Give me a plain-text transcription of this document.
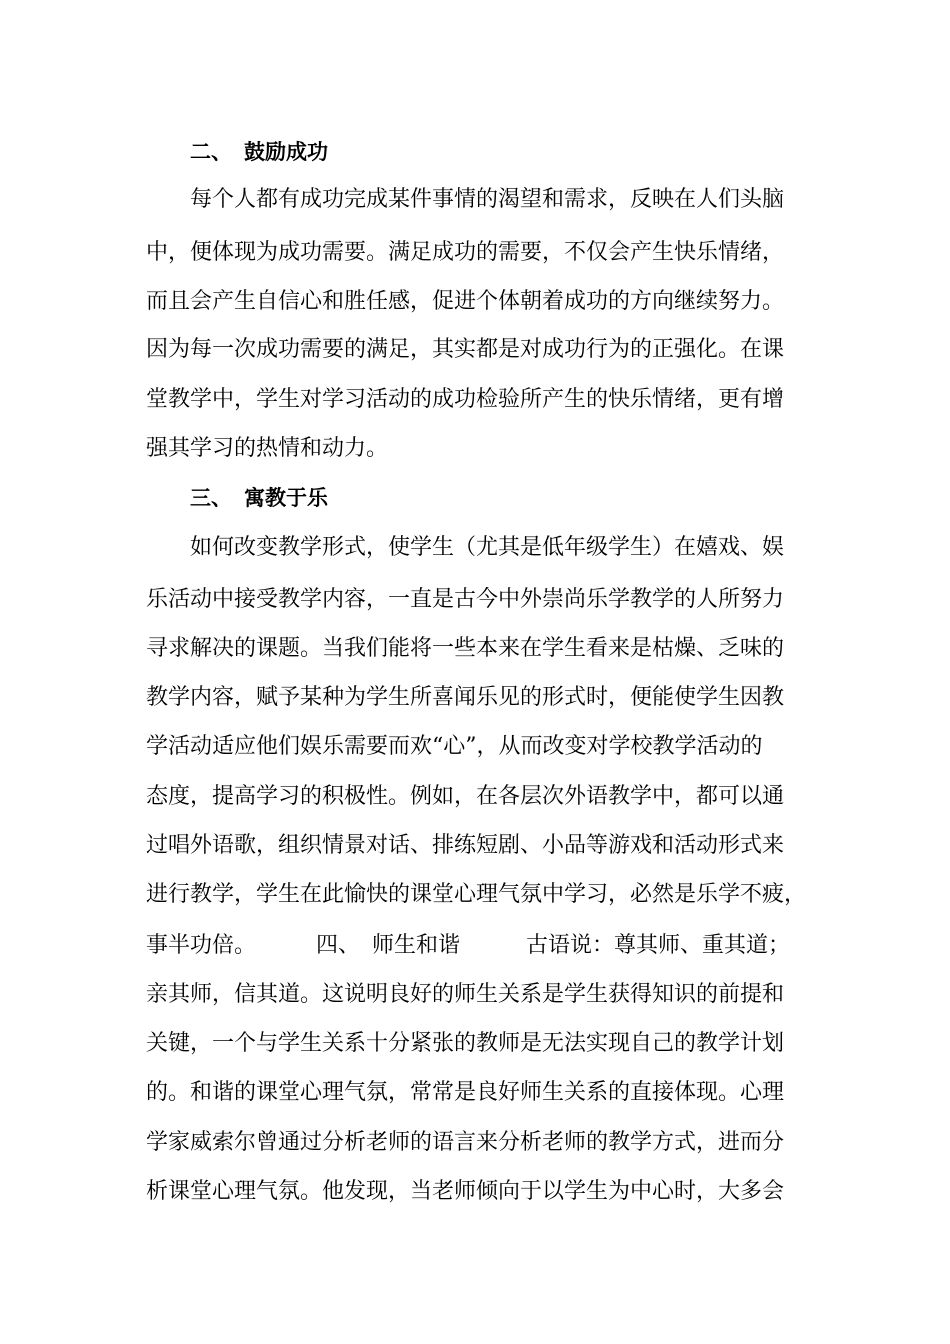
二、 鼓励成功
每个人都有成功完成某件事情的渴望和需求，反映在人们头脑
中，便体现为成功需要。满足成功的需要，不仅会产生快乐情绪，
而且会产生自信心和胜任感，促进个体朝着成功的方向继续努力。
因为每一次成功需要的满足，其实都是对成功行为的正强化。在课
堂教学中，学生对学习活动的成功检验所产生的快乐情绪，更有增
强其学习的热情和动力。
三、 寓教于乐
如何改变教学形式，使学生（尤其是低年级学生）在嬉戏、娱
乐活动中接受教学内容，一直是古今中外崇尚乐学教学的人所努力
寻求解决的课题。当我们能将一些本来在学生看来是枯燥、乏味的
教学内容，赋予某种为学生所喜闻乐见的形式时，便能使学生因教
学活动适应他们娱乐需要而欢“心”，从而改变对学校教学活动的
态度，提高学习的积极性。例如，在各层次外语教学中，都可以通
过唱外语歌，组织情景对话、排练短剧、小品等游戏和活动形式来
进行教学，学生在此愉快的课堂心理气氛中学习，必然是乐学不疲，
事半功倍。	四、 师生和谐	古语说：尊其师、重其道；
亲其师，信其道。这说明良好的师生关系是学生获得知识的前提和
关键，一个与学生关系十分紧张的教师是无法实现自己的教学计划
的。和谐的课堂心理气氛，常常是良好师生关系的直接体现。心理
学家威索尔曾通过分析老师的语言来分析老师的教学方式，进而分
析课堂心理气氛。他发现，当老师倾向于以学生为中心时，大多会
